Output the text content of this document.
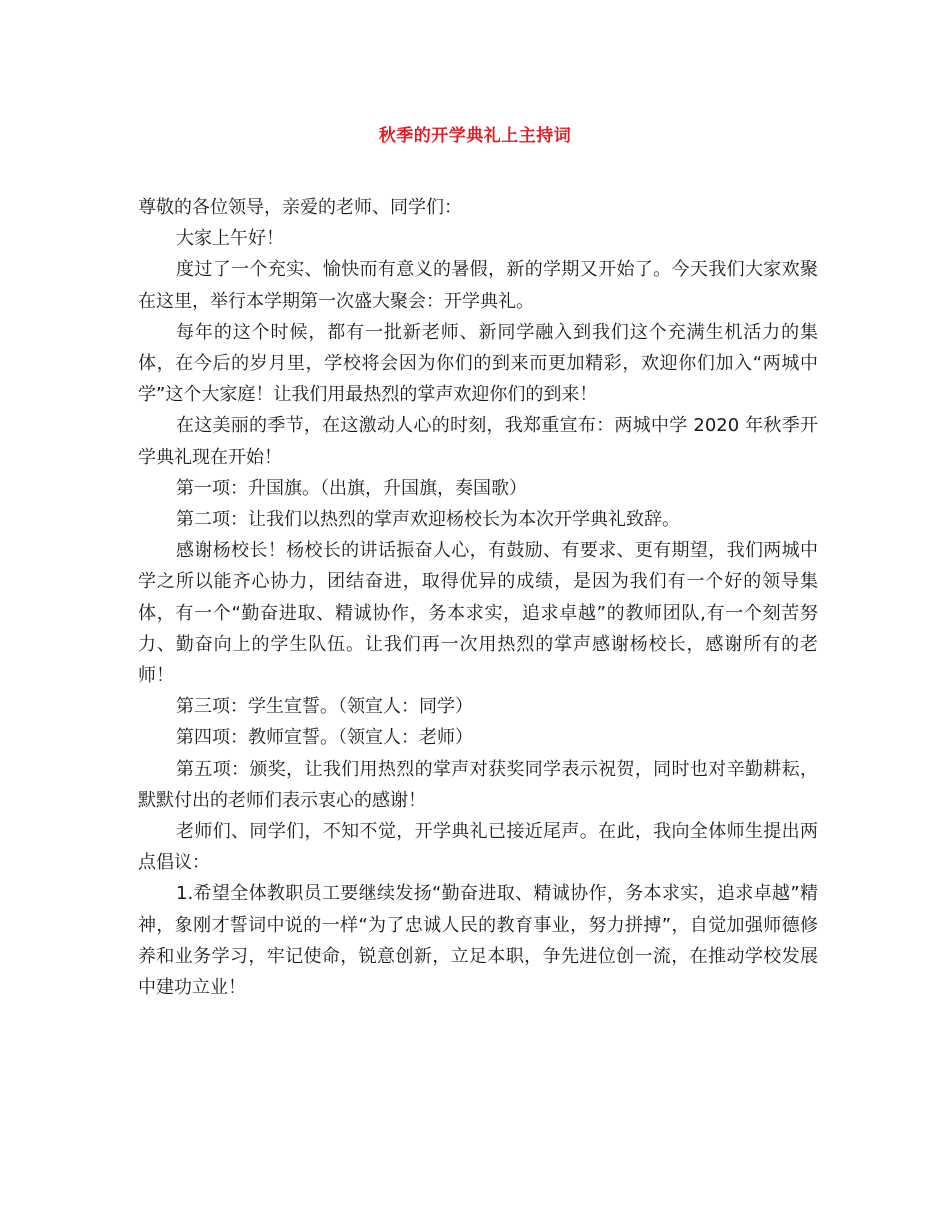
秋季的开学典礼上主持词

尊敬的各位领导，亲爱的老师、同学们：

大家上午好！

度过了一个充实、愉快而有意义的暑假，新的学期又开始了。今天我们大家欢聚在这里，举行本学期第一次盛大聚会：开学典礼。

每年的这个时候，都有一批新老师、新同学融入到我们这个充满生机活力的集体，在今后的岁月里，学校将会因为你们的到来而更加精彩，欢迎你们加入“两城中学”这个大家庭！让我们用最热烈的掌声欢迎你们的到来！

在这美丽的季节，在这激动人心的时刻，我郑重宣布：两城中学 2020 年秋季开学典礼现在开始！

第一项：升国旗。（出旗，升国旗，奏国歌）

第二项：让我们以热烈的掌声欢迎杨校长为本次开学典礼致辞。

感谢杨校长！杨校长的讲话振奋人心，有鼓励、有要求、更有期望，我们两城中学之所以能齐心协力，团结奋进，取得优异的成绩，是因为我们有一个好的领导集体，有一个“勤奋进取、精诚协作，务本求实，追求卓越”的教师团队,有一个刻苦努力、勤奋向上的学生队伍。让我们再一次用热烈的掌声感谢杨校长，感谢所有的老师！

第三项：学生宣誓。（领宣人：同学）

第四项：教师宣誓。（领宣人：老师）

第五项：颁奖，让我们用热烈的掌声对获奖同学表示祝贺，同时也对辛勤耕耘，默默付出的老师们表示衷心的感谢！

老师们、同学们，不知不觉，开学典礼已接近尾声。在此，我向全体师生提出两点倡议：

1.希望全体教职员工要继续发扬“勤奋进取、精诚协作，务本求实，追求卓越”精神，象刚才誓词中说的一样“为了忠诚人民的教育事业，努力拼搏”，自觉加强师德修养和业务学习，牢记使命，锐意创新，立足本职，争先进位创一流，在推动学校发展中建功立业！
